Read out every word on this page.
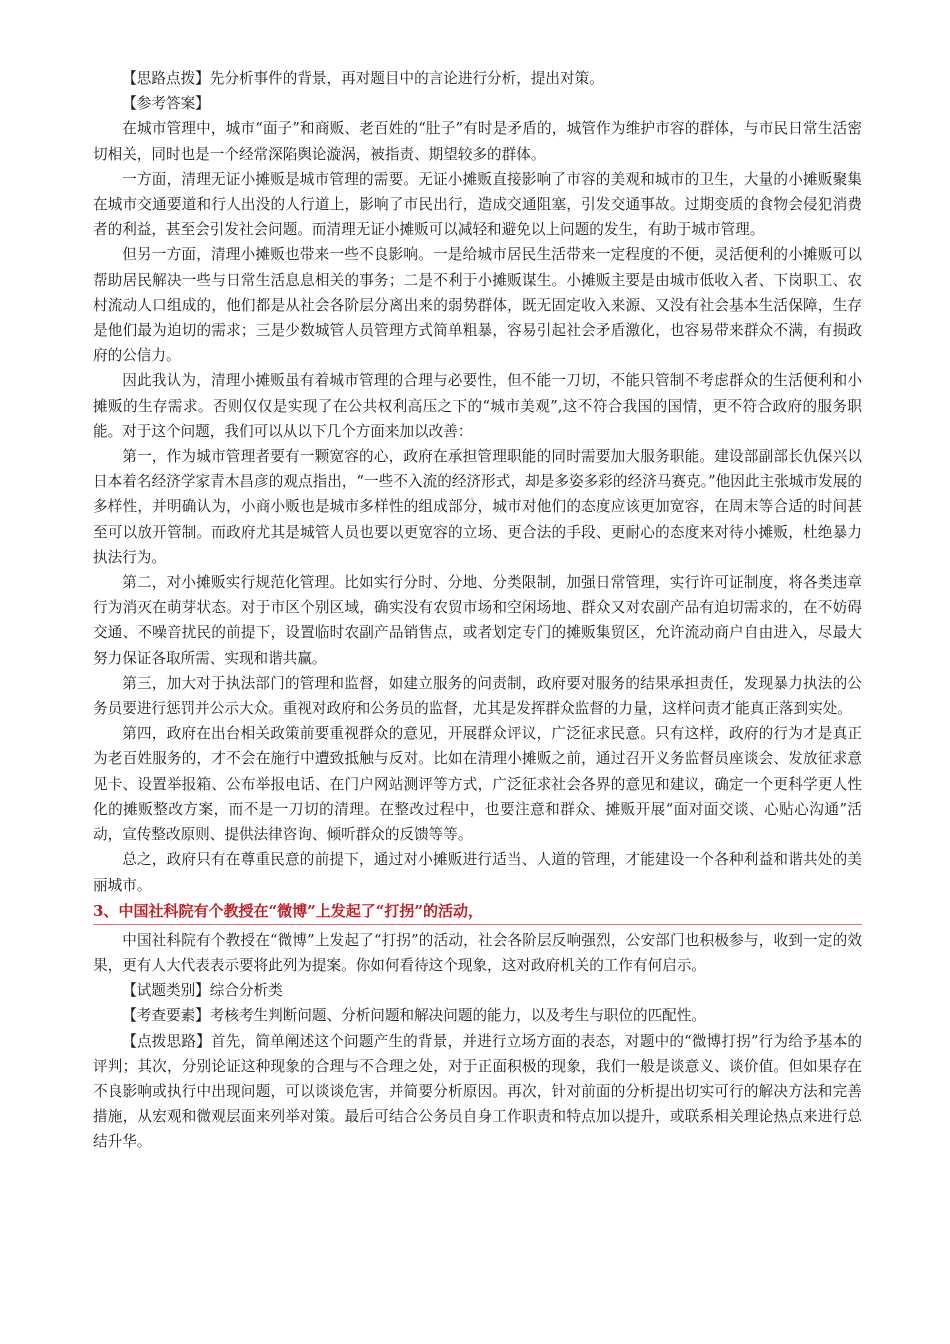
【思路点拨】先分析事件的背景，再对题目中的言论进行分析，提出对策。

【参考答案】

在城市管理中，城市“面子”和商贩、老百姓的“肚子”有时是矛盾的，城管作为维护市容的群体，与市民日常生活密切相关，同时也是一个经常深陷舆论漩涡，被指责、期望较多的群体。

一方面，清理无证小摊贩是城市管理的需要。无证小摊贩直接影响了市容的美观和城市的卫生，大量的小摊贩聚集在城市交通要道和行人出没的人行道上，影响了市民出行，造成交通阻塞，引发交通事故。过期变质的食物会侵犯消费者的利益，甚至会引发社会问题。而清理无证小摊贩可以减轻和避免以上问题的发生，有助于城市管理。

但另一方面，清理小摊贩也带来一些不良影响。一是给城市居民生活带来一定程度的不便，灵活便利的小摊贩可以帮助居民解决一些与日常生活息息相关的事务；二是不利于小摊贩谋生。小摊贩主要是由城市低收入者、下岗职工、农村流动人口组成的，他们都是从社会各阶层分离出来的弱势群体，既无固定收入来源、又没有社会基本生活保障，生存是他们最为迫切的需求；三是少数城管人员管理方式简单粗暴，容易引起社会矛盾激化，也容易带来群众不满，有损政府的公信力。

因此我认为，清理小摊贩虽有着城市管理的合理与必要性，但不能一刀切，不能只管制不考虑群众的生活便利和小摊贩的生存需求。否则仅仅是实现了在公共权利高压之下的“城市美观”,这不符合我国的国情，更不符合政府的服务职能。对于这个问题，我们可以从以下几个方面来加以改善：

第一，作为城市管理者要有一颗宽容的心，政府在承担管理职能的同时需要加大服务职能。建设部副部长仇保兴以日本着名经济学家青木昌彦的观点指出，“一些不入流的经济形式，却是多姿多彩的经济马赛克。”他因此主张城市发展的多样性，并明确认为，小商小贩也是城市多样性的组成部分，城市对他们的态度应该更加宽容，在周末等合适的时间甚至可以放开管制。而政府尤其是城管人员也要以更宽容的立场、更合法的手段、更耐心的态度来对待小摊贩，杜绝暴力执法行为。

第二，对小摊贩实行规范化管理。比如实行分时、分地、分类限制，加强日常管理，实行许可证制度，将各类违章行为消灭在萌芽状态。对于市区个别区域，确实没有农贸市场和空闲场地、群众又对农副产品有迫切需求的，在不妨碍交通、不噪音扰民的前提下，设置临时农副产品销售点，或者划定专门的摊贩集贸区，允许流动商户自由进入，尽最大努力保证各取所需、实现和谐共赢。

第三，加大对于执法部门的管理和监督，如建立服务的问责制，政府要对服务的结果承担责任，发现暴力执法的公务员要进行惩罚并公示大众。重视对政府和公务员的监督，尤其是发挥群众监督的力量，这样问责才能真正落到实处。

第四，政府在出台相关政策前要重视群众的意见，开展群众评议，广泛征求民意。只有这样，政府的行为才是真正为老百姓服务的，才不会在施行中遭致抵触与反对。比如在清理小摊贩之前，通过召开义务监督员座谈会、发放征求意见卡、设置举报箱、公布举报电话、在门户网站测评等方式，广泛征求社会各界的意见和建议，确定一个更科学更人性化的摊贩整改方案，而不是一刀切的清理。在整改过程中，也要注意和群众、摊贩开展“面对面交谈、心贴心沟通”活动，宣传整改原则、提供法律咨询、倾听群众的反馈等等。

总之，政府只有在尊重民意的前提下，通过对小摊贩进行适当、人道的管理，才能建设一个各种利益和谐共处的美丽城市。

3、中国社科院有个教授在“微博”上发起了“打拐”的活动，

中国社科院有个教授在“微博”上发起了“打拐”的活动，社会各阶层反响强烈，公安部门也积极参与，收到一定的效果，更有人大代表表示要将此列为提案。你如何看待这个现象，这对政府机关的工作有何启示。

【试题类别】综合分析类

【考查要素】考核考生判断问题、分析问题和解决问题的能力，以及考生与职位的匹配性。

【点拨思路】首先，简单阐述这个问题产生的背景，并进行立场方面的表态，对题中的“微博打拐”行为给予基本的评判；其次，分别论证这种现象的合理与不合理之处，对于正面积极的现象，我们一般是谈意义、谈价值。但如果存在不良影响或执行中出现问题，可以谈谈危害，并简要分析原因。再次，针对前面的分析提出切实可行的解决方法和完善措施，从宏观和微观层面来列举对策。最后可结合公务员自身工作职责和特点加以提升，或联系相关理论热点来进行总结升华。
